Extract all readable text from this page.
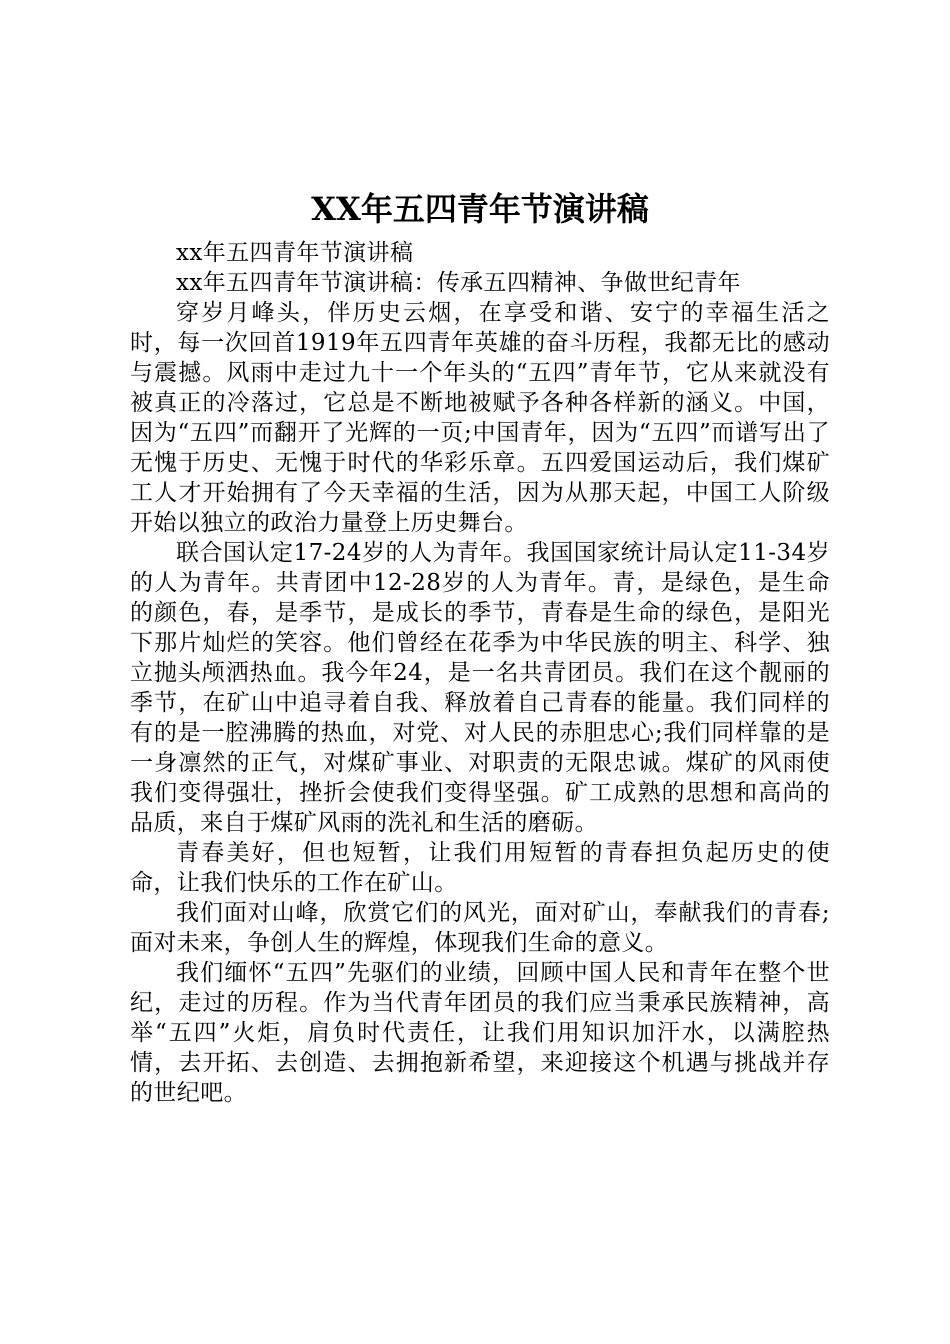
XX年五四青年节演讲稿

xx年五四青年节演讲稿

xx年五四青年节演讲稿：传承五四精神、争做世纪青年

穿岁月峰头，伴历史云烟，在享受和谐、安宁的幸福生活之时，每一次回首1919年五四青年英雄的奋斗历程，我都无比的感动与震撼。风雨中走过九十一个年头的“五四”青年节，它从来就没有被真正的冷落过，它总是不断地被赋予各种各样新的涵义。中国，因为“五四”而翻开了光辉的一页;中国青年，因为“五四”而谱写出了无愧于历史、无愧于时代的华彩乐章。五四爱国运动后，我们煤矿工人才开始拥有了今天幸福的生活，因为从那天起，中国工人阶级开始以独立的政治力量登上历史舞台。

联合国认定17-24岁的人为青年。我国国家统计局认定11-34岁的人为青年。共青团中12-28岁的人为青年。青，是绿色，是生命的颜色，春，是季节，是成长的季节，青春是生命的绿色，是阳光下那片灿烂的笑容。他们曾经在花季为中华民族的明主、科学、独立抛头颅洒热血。我今年24，是一名共青团员。我们在这个靓丽的季节，在矿山中追寻着自我、释放着自己青春的能量。我们同样的有的是一腔沸腾的热血，对党、对人民的赤胆忠心;我们同样靠的是一身凛然的正气，对煤矿事业、对职责的无限忠诚。煤矿的风雨使我们变得强壮，挫折会使我们变得坚强。矿工成熟的思想和高尚的品质，来自于煤矿风雨的洗礼和生活的磨砺。

青春美好，但也短暂，让我们用短暂的青春担负起历史的使命，让我们快乐的工作在矿山。

我们面对山峰，欣赏它们的风光，面对矿山，奉献我们的青春;面对未来，争创人生的辉煌，体现我们生命的意义。

我们缅怀“五四”先驱们的业绩，回顾中国人民和青年在整个世纪，走过的历程。作为当代青年团员的我们应当秉承民族精神，高举“五四”火炬，肩负时代责任，让我们用知识加汗水，以满腔热情，去开拓、去创造、去拥抱新希望，来迎接这个机遇与挑战并存的世纪吧。
